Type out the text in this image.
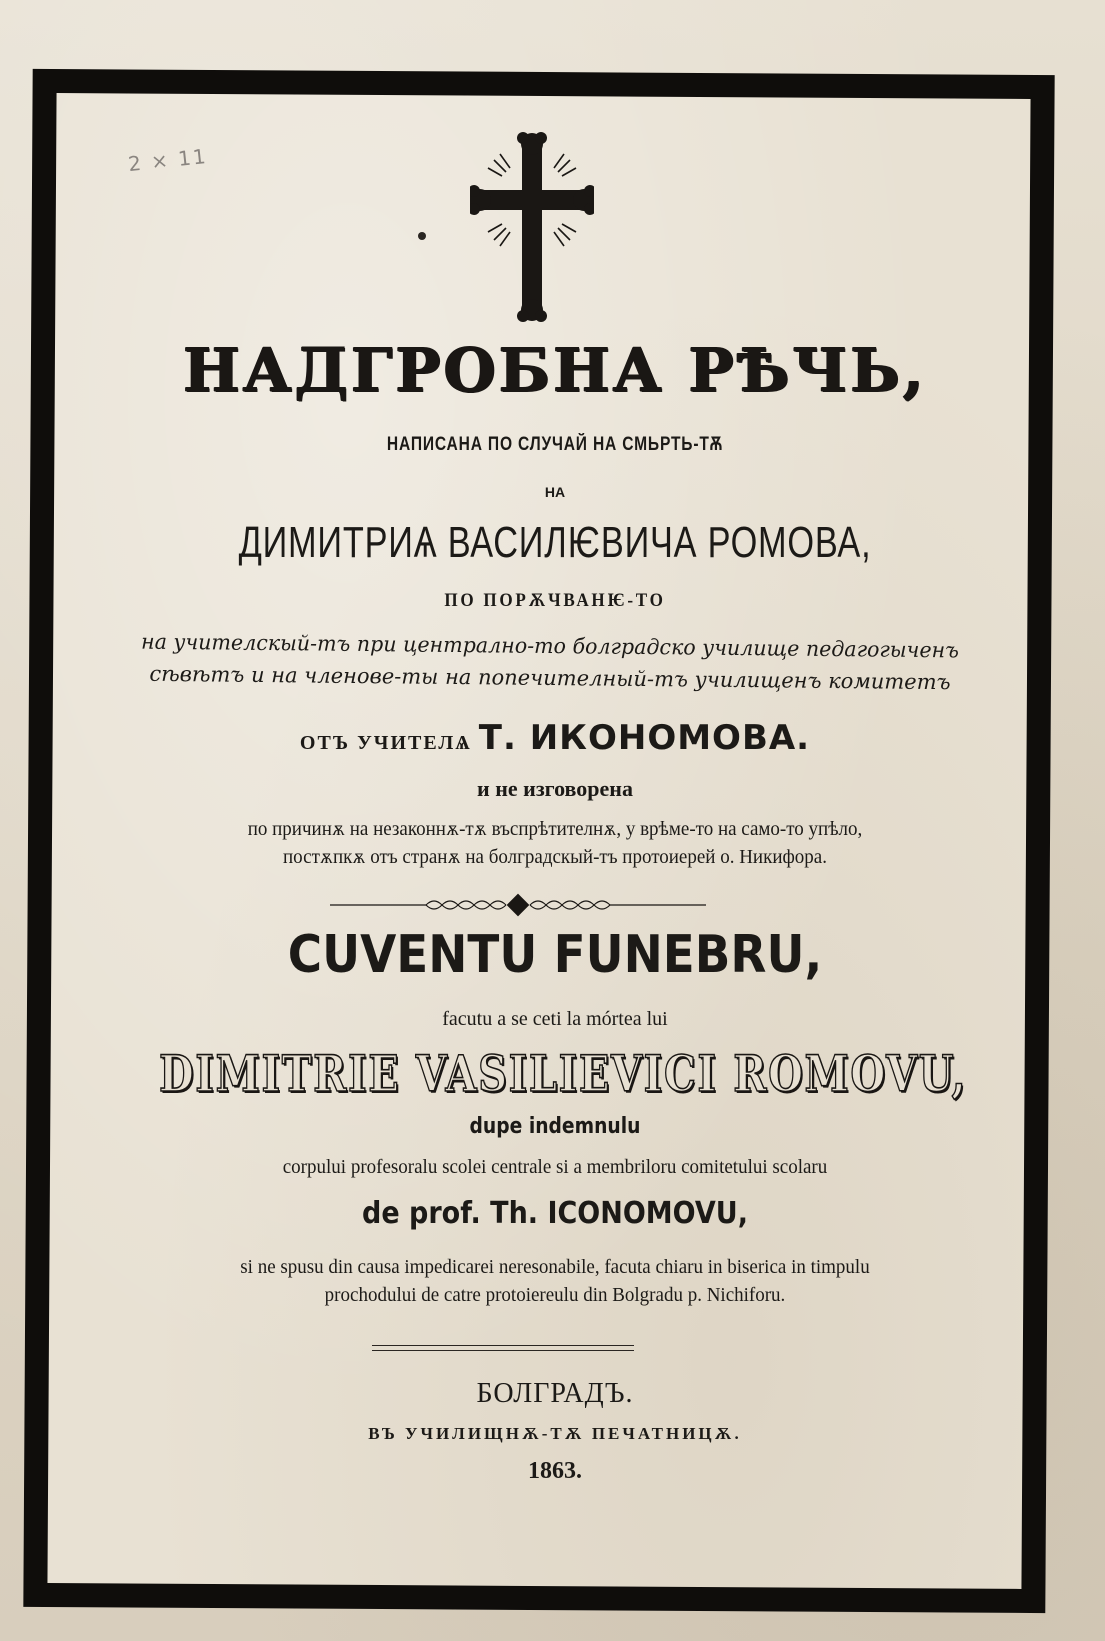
2 × 11
НАДГРОБНА РѢЧЬ,
НАПИСАНА ПО СЛУЧАЙ НА СМЬРТЬ-ТѪ
НА
ДИМИТРИѦ ВАСИЛѤВИЧА РОМОВА,
ПО ПОРѪЧВАНѤ-ТО
на учителскый-тъ при централно-то болградско училище педагогыченъ
сѣвѣтъ и на членове-ты на попечителный-тъ училищенъ комитетъ
ОТЪ УЧИТЕЛѦ Т. ИКОНОМОВА.
и не изговорена
по причинѫ на незаконнѫ-тѫ въспрѣтителнѫ, у врѣме-то на само-то упѣло,
постѫпкѫ отъ странѫ на болградскый-тъ протоиерей о. Никифора.
CUVENTU FUNEBRU,
facutu a se ceti la mórtea lui
DIMITRIE VASILIEVICI ROMOVU,
dupe indemnulu
corpului profesoralu scolei centrale si a membriloru comitetului scolaru
de prof. Th. ICONOMOVU,
si ne spusu din causa impedicarei neresonabile, facuta chiaru in biserica in timpulu
prochodului de catre protoiereulu din Bolgradu p. Nichiforu.
БОЛГРАДЪ.
ВЪ УЧИЛИЩНѪ-ТѪ ПЕЧАТНИЦѪ.
1863.
